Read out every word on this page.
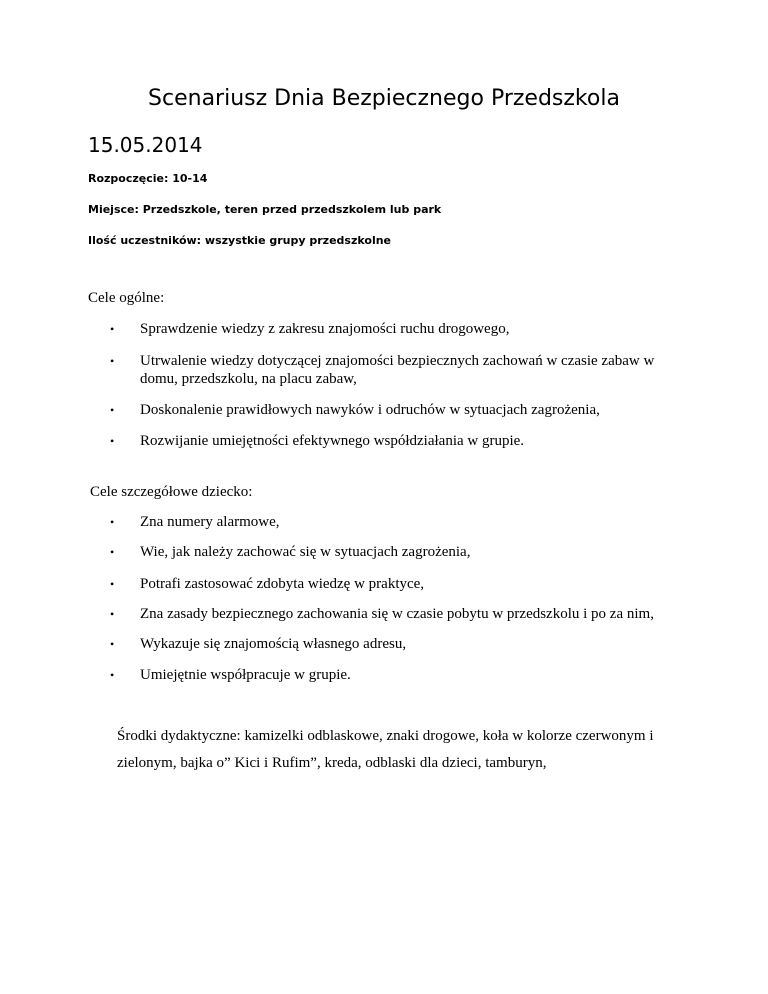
Scenariusz Dnia Bezpiecznego Przedszkola
15.05.2014
Rozpoczęcie: 10-14
Miejsce: Przedszkole, teren przed przedszkolem lub park
Ilość uczestników: wszystkie grupy przedszkolne
Cele ogólne:
• Sprawdzenie wiedzy z zakresu znajomości ruchu drogowego,
• Utrwalenie wiedzy dotyczącej znajomości bezpiecznych zachowań w czasie zabaw w domu, przedszkolu, na placu zabaw,
• Doskonalenie prawidłowych nawyków i odruchów w sytuacjach zagrożenia,
• Rozwijanie umiejętności efektywnego współdziałania w grupie.
Cele szczegółowe dziecko:
• Zna numery alarmowe,
• Wie, jak należy zachować się w sytuacjach zagrożenia,
• Potrafi zastosować zdobyta wiedzę w praktyce,
• Zna zasady bezpiecznego zachowania się w czasie pobytu w przedszkolu i po za nim,
• Wykazuje się znajomością własnego adresu,
• Umiejętnie współpracuje w grupie.
Środki dydaktyczne: kamizelki odblaskowe, znaki drogowe, koła w kolorze czerwonym i zielonym, bajka o” Kici i Rufim”, kreda, odblaski dla dzieci, tamburyn,
